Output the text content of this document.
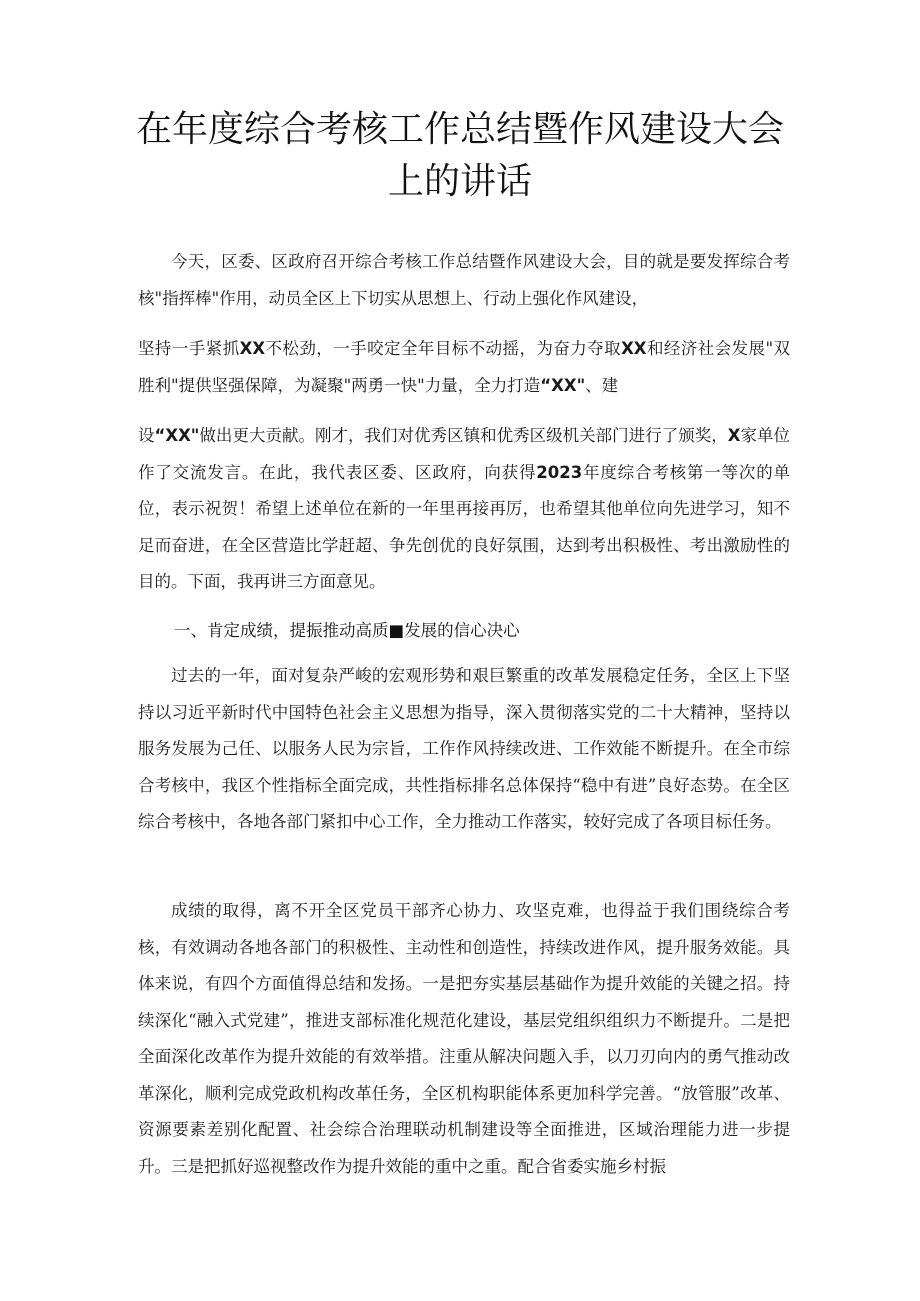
在年度综合考核工作总结暨作风建设大会
上的讲话

今天，区委、区政府召开综合考核工作总结暨作风建设大会，目的就是要发挥综合考核"指挥棒"作用，动员全区上下切实从思想上、行动上强化作风建设，

坚持一手紧抓XX不松劲，一手咬定全年目标不动摇，为奋力夺取XX和经济社会发展"双胜利"提供坚强保障，为凝聚"两勇一快"力量，全力打造“XX"、建

设“XX"做出更大贡献。刚才，我们对优秀区镇和优秀区级机关部门进行了颁奖，X家单位作了交流发言。在此，我代表区委、区政府，向获得2023年度综合考核第一等次的单位，表示祝贺！希望上述单位在新的一年里再接再厉，也希望其他单位向先进学习，知不足而奋进，在全区营造比学赶超、争先创优的良好氛围，达到考出积极性、考出激励性的目的。下面，我再讲三方面意见。

一、肯定成绩，提振推动高质■发展的信心决心

过去的一年，面对复杂严峻的宏观形势和艰巨繁重的改革发展稳定任务，全区上下坚持以习近平新时代中国特色社会主义思想为指导，深入贯彻落实党的二十大精神，坚持以服务发展为己任、以服务人民为宗旨，工作作风持续改进、工作效能不断提升。在全市综合考核中，我区个性指标全面完成，共性指标排名总体保持“稳中有进”良好态势。在全区综合考核中，各地各部门紧扣中心工作，全力推动工作落实，较好完成了各项目标任务。

成绩的取得，离不开全区党员干部齐心协力、攻坚克难，也得益于我们围绕综合考核，有效调动各地各部门的积极性、主动性和创造性，持续改进作风，提升服务效能。具体来说，有四个方面值得总结和发扬。一是把夯实基层基础作为提升效能的关键之招。持续深化“融入式党建”，推进支部标准化规范化建设，基层党组织组织力不断提升。二是把全面深化改革作为提升效能的有效举措。注重从解决问题入手，以刀刃向内的勇气推动改革深化，顺利完成党政机构改革任务，全区机构职能体系更加科学完善。“放管服”改革、资源要素差别化配置、社会综合治理联动机制建设等全面推进，区域治理能力进一步提升。三是把抓好巡视整改作为提升效能的重中之重。配合省委实施乡村振
